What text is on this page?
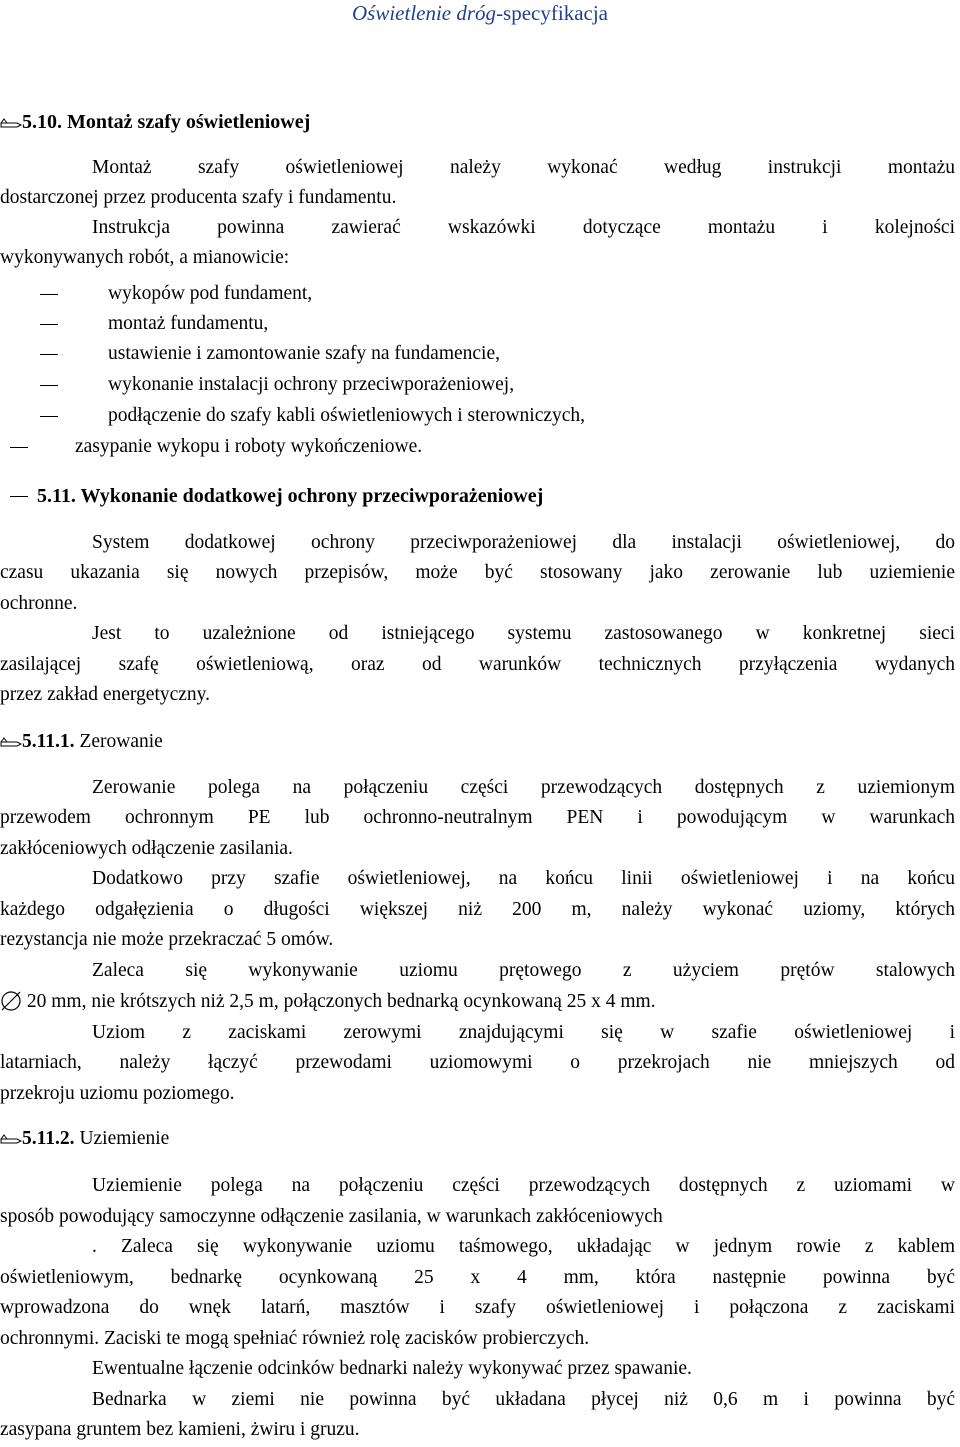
Oświetlenie dróg-specyfikacja
5.10. Montaż szafy oświetleniowej
Montaż szafy oświetleniowej należy wykonać według instrukcji montażu
dostarczonej przez producenta szafy i fundamentu.
Instrukcja powinna zawierać wskazówki dotyczące montażu i kolejności
wykonywanych robót, a mianowicie:
wykopów pod fundament,
montaż fundamentu,
ustawienie i zamontowanie szafy na fundamencie,
wykonanie instalacji ochrony przeciwporażeniowej,
podłączenie do szafy kabli oświetleniowych i sterowniczych,
zasypanie wykopu i roboty wykończeniowe.
5.11. Wykonanie dodatkowej ochrony przeciwporażeniowej
System dodatkowej ochrony przeciwporażeniowej dla instalacji oświetleniowej, do
czasu ukazania się nowych przepisów, może być stosowany jako zerowanie lub uziemienie
ochronne.
Jest to uzależnione od istniejącego systemu zastosowanego w konkretnej sieci
zasilającej szafę oświetleniową, oraz od warunków technicznych przyłączenia wydanych
przez zakład energetyczny.
5.11.1. Zerowanie
Zerowanie polega na połączeniu części przewodzących dostępnych z uziemionym
przewodem ochronnym PE lub ochronno-neutralnym PEN i powodującym w warunkach
zakłóceniowych odłączenie zasilania.
Dodatkowo przy szafie oświetleniowej, na końcu linii oświetleniowej i na końcu
każdego odgałęzienia o długości większej niż 200 m, należy wykonać uziomy, których
rezystancja nie może przekraczać 5 omów.
Zaleca się wykonywanie uziomu prętowego z użyciem prętów stalowych
20 mm, nie krótszych niż 2,5 m, połączonych bednarką ocynkowaną 25 x 4 mm.
Uziom z zaciskami zerowymi znajdującymi się w szafie oświetleniowej i
latarniach, należy łączyć przewodami uziomowymi o przekrojach nie mniejszych od
przekroju uziomu poziomego.
5.11.2. Uziemienie
Uziemienie polega na połączeniu części przewodzących dostępnych z uziomami w
sposób powodujący samoczynne odłączenie zasilania, w warunkach zakłóceniowych
. Zaleca się wykonywanie uziomu taśmowego, układając w jednym rowie z kablem
oświetleniowym, bednarkę ocynkowaną 25 x 4 mm, która następnie powinna być
wprowadzona do wnęk latarń, masztów i szafy oświetleniowej i połączona z zaciskami
ochronnymi. Zaciski te mogą spełniać również rolę zacisków probierczych.
Ewentualne łączenie odcinków bednarki należy wykonywać przez spawanie.
Bednarka w ziemi nie powinna być układana płycej niż 0,6 m i powinna być
zasypana gruntem bez kamieni, żwiru i gruzu.
